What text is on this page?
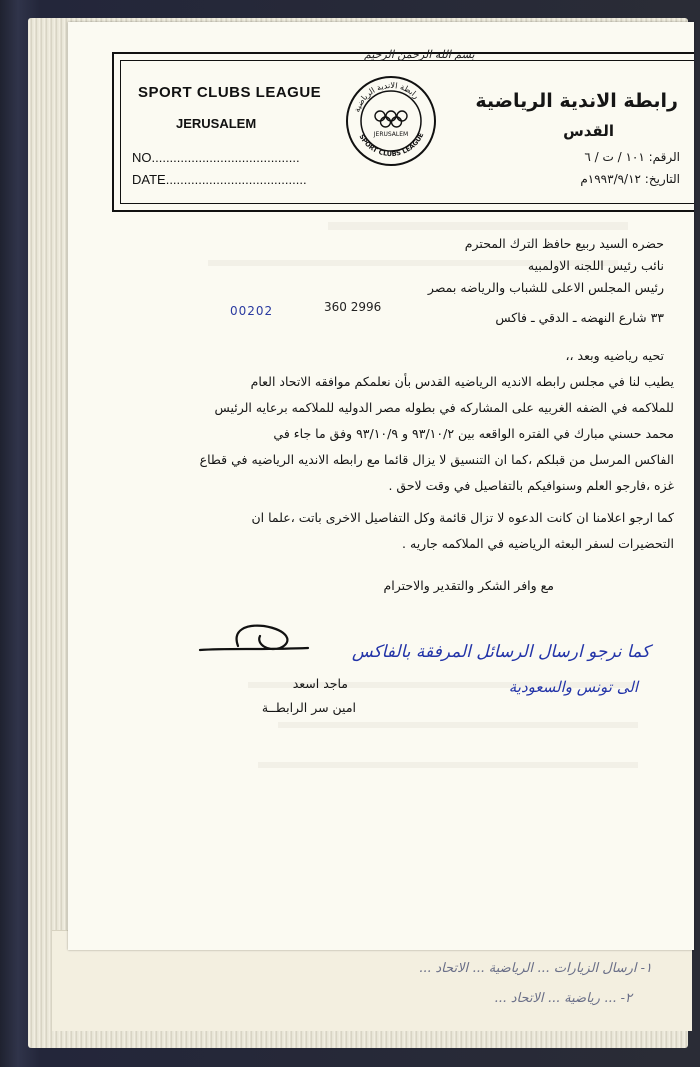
١- ارسال الزيارات ... الرياضية ... الاتحاد ...
٢- ... رياضية ... الاتحاد ...
بسم الله الرحمن الرحيم
SPORT CLUBS LEAGUE
JERUSALEM
NO.........................................
DATE.......................................
رابطة الاندية الرياضية
SPORT CLUBS LEAGUE
JERUSALEM
رابطة الاندية الرياضية
القدس
الرقم: ١٠١ / ت / ٦
التاريخ: ١٩٩٣/٩/١٢م
حضره السيد ربيع حافظ الترك المحترم
نائب رئيس اللجنه الاولمبيه
رئيس المجلس الاعلى للشباب والرياضه بمصر
٣٣ شارع النهضه ـ الدقي ـ فاكس
360 2996
00202
تحيه رياضيه وبعد ،،
يطيب لنا في مجلس رابطه الانديه الرياضيه القدس بأن نعلمكم موافقه الاتحاد العام
للملاكمه في الضفه الغربيه على المشاركه في بطوله مصر الدوليه للملاكمه برعايه الرئيس
محمد حسني مبارك في الفتره الواقعه بين ٩٣/١٠/٢ و ٩٣/١٠/٩ وفق ما جاء في
الفاكس المرسل من قبلكم ،كما ان التنسيق لا يزال قائما مع رابطه الانديه الرياضيه في قطاع
غزه ،فارجو العلم وسنوافيكم بالتفاصيل في وقت لاحق .
كما ارجو اعلامنا ان كانت الدعوه لا تزال قائمة وكل التفاصيل الاخرى باتت ،علما ان
التحضيرات لسفر البعثه الرياضيه في الملاكمه جاريه .
مع وافر الشكر والتقدير والاحترام
ماجد اسعد
امين سر الرابطــة
كما نرجو ارسال الرسائل المرفقة بالفاكس
الى تونس والسعودية
